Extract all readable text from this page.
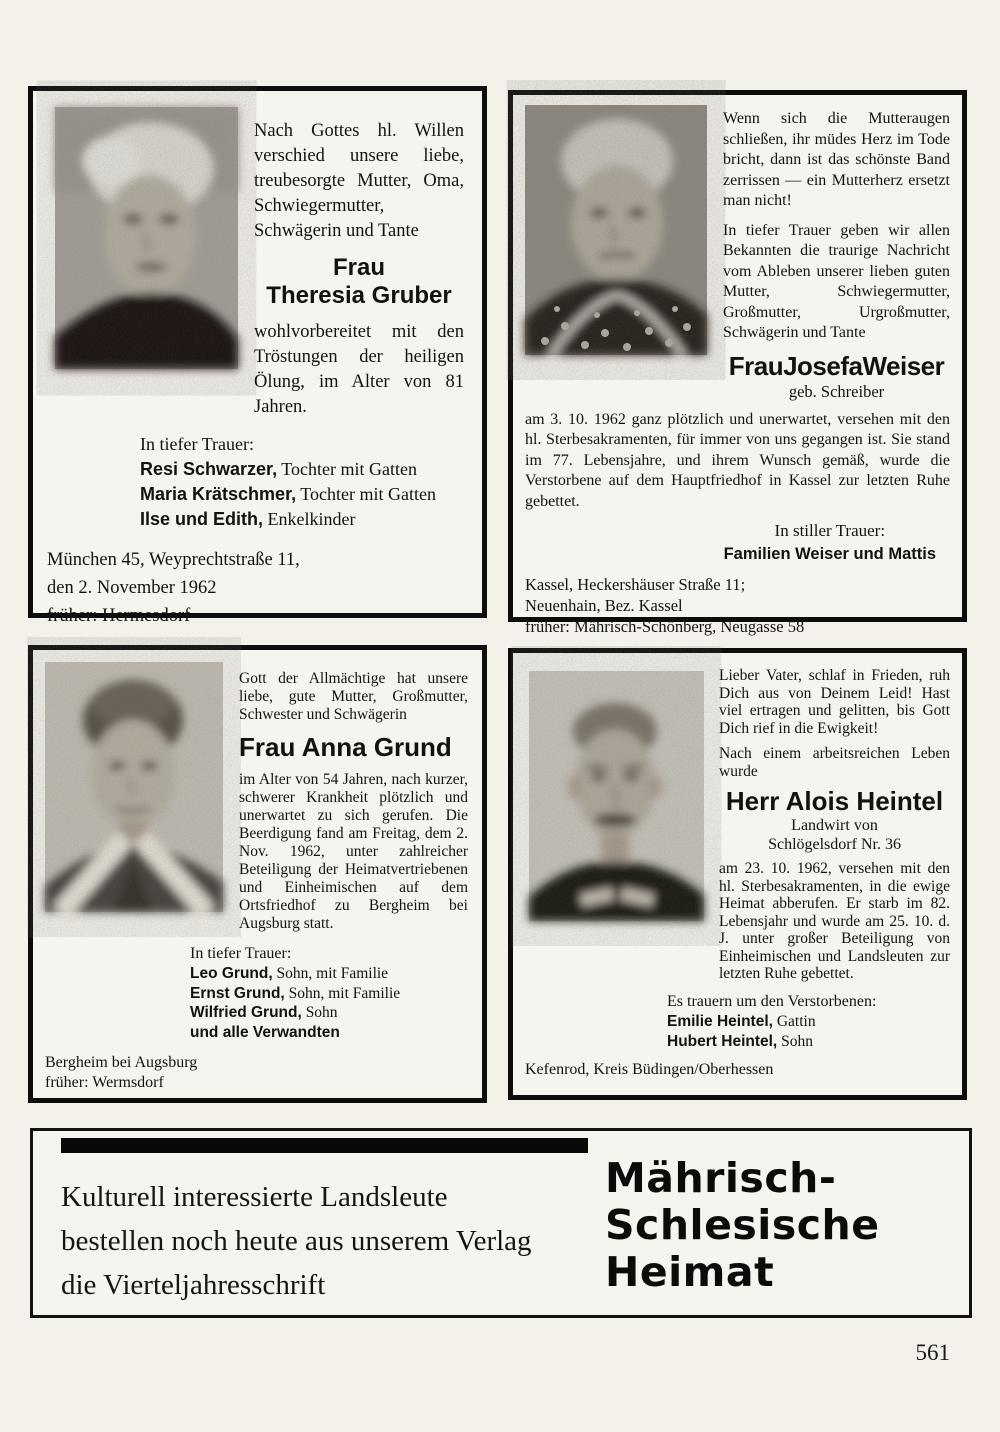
Nach Gottes hl. Willen verschied unsere liebe, treubesorgte Mutter, Oma, Schwiegermutter, Schwägerin und Tante

Frau
Theresia Gruber

wohlvorbereitet mit den Tröstungen der heiligen Ölung, im Alter von 81 Jahren.

In tiefer Trauer:
Resi Schwarzer, Tochter mit Gatten
Maria Krätschmer, Tochter mit Gatten
Ilse und Edith, Enkelkinder
München 45, Weyprechtstraße 11,
den 2. November 1962
früher: Hermesdorf

Wenn sich die Mutteraugen schließen, ihr müdes Herz im Tode bricht, dann ist das schönste Band zerrissen — ein Mutterherz ersetzt man nicht!

In tiefer Trauer geben wir allen Bekannten die traurige Nachricht vom Ableben unserer lieben guten Mutter, Schwiegermutter, Großmutter, Urgroßmutter, Schwägerin und Tante

FrauJosefaWeiser
geb. Schreiber

am 3. 10. 1962 ganz plötzlich und unerwartet, versehen mit den hl. Sterbesakramenten, für immer von uns gegangen ist. Sie stand im 77. Lebensjahre, und ihrem Wunsch gemäß, wurde die Verstorbene auf dem Hauptfriedhof in Kassel zur letzten Ruhe gebettet.

In stiller Trauer:
Familien Weiser und Mattis
Kassel, Heckershäuser Straße 11;
Neuenhain, Bez. Kassel
früher: Mährisch-Schönberg, Neugasse 58

Gott der Allmächtige hat unsere liebe, gute Mutter, Großmutter, Schwester und Schwägerin

Frau Anna Grund

im Alter von 54 Jahren, nach kurzer, schwerer Krankheit plötzlich und unerwartet zu sich gerufen. Die Beerdigung fand am Freitag, dem 2. Nov. 1962, unter zahlreicher Beteiligung der Heimatvertriebenen und Einheimischen auf dem Ortsfriedhof zu Bergheim bei Augsburg statt.

In tiefer Trauer:
Leo Grund, Sohn, mit Familie
Ernst Grund, Sohn, mit Familie
Wilfried Grund, Sohn
und alle Verwandten
Bergheim bei Augsburg
früher: Wermsdorf

Lieber Vater, schlaf in Frieden, ruh Dich aus von Deinem Leid! Hast viel ertragen und gelitten, bis Gott Dich rief in die Ewigkeit!

Nach einem arbeitsreichen Leben wurde

Herr Alois Heintel
Landwirt von
Schlögelsdorf Nr. 36

am 23. 10. 1962, versehen mit den hl. Sterbesakramenten, in die ewige Heimat abberufen. Er starb im 82. Lebensjahr und wurde am 25. 10. d. J. unter großer Beteiligung von Einheimischen und Landsleuten zur letzten Ruhe gebettet.

Es trauern um den Verstorbenen:
Emilie Heintel, Gattin
Hubert Heintel, Sohn
Kefenrod, Kreis Büdingen/Oberhessen
Kulturell interessierte Landsleute
bestellen noch heute aus unserem Verlag
die Vierteljahresschrift
Mährisch-
Schlesische
Heimat
561
